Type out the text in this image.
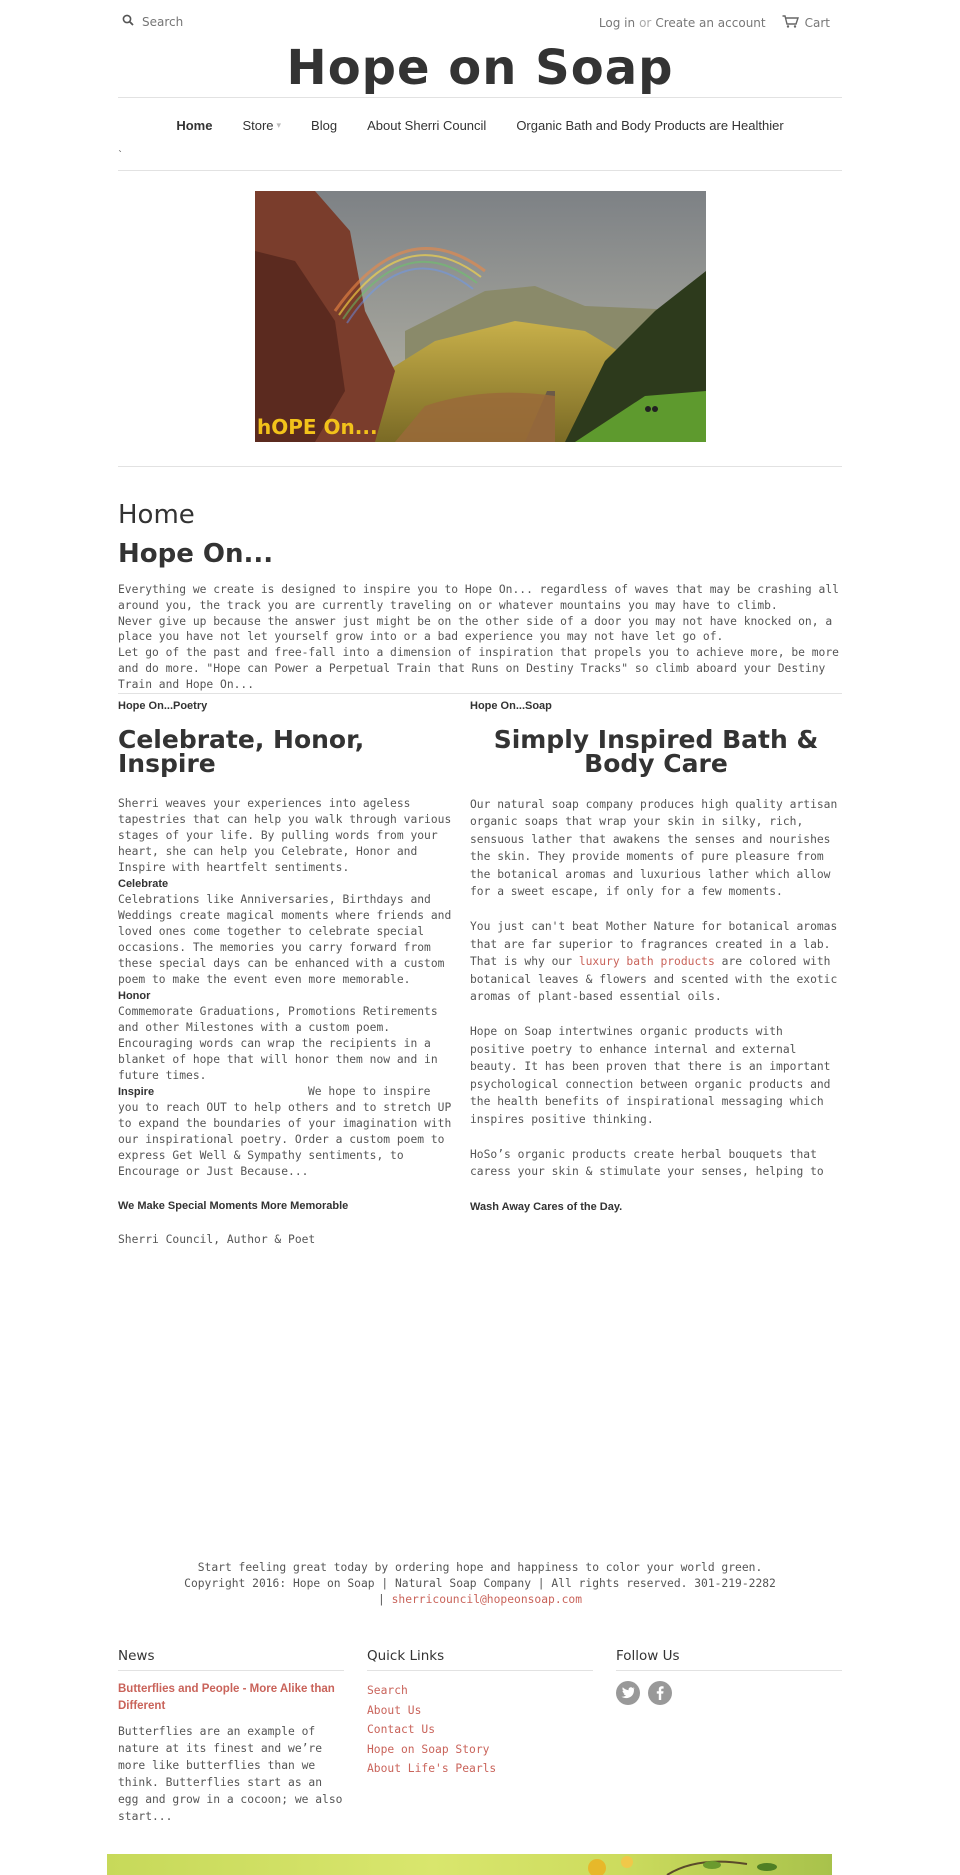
Search
Log in or Create an account	Cart
Hope on Soap
Home Store ▾ Blog About Sherri Council Organic Bath and Body Products are Healthier
`
hOPE On...
Home
Hope On...

Everything we create is designed to inspire you to Hope On... regardless of waves that may be crashing all around you, the track you are currently traveling on or whatever mountains you may have to climb.

Never give up because the answer just might be on the other side of a door you may not have knocked on, a place you have not let yourself grow into or a bad experience you may not have let go of.

Let go of the past and free-fall into a dimension of inspiration that propels you to achieve more, be more and do more. "Hope can Power a Perpetual Train that Runs on Destiny Tracks" so climb aboard your Destiny Train and Hope On...

Hope On...Poetry
Celebrate, Honor, Inspire

Sherri weaves your experiences into ageless tapestries that can help you walk through various stages of your life. By pulling words from your heart, she can help you Celebrate, Honor and Inspire with heartfelt sentiments.

Celebrate

Celebrations like Anniversaries, Birthdays and Weddings create magical moments where friends and loved ones come together to celebrate special occasions. The memories you carry forward from these special days can be enhanced with a custom poem to make the event even more memorable.

Honor

Commemorate Graduations, Promotions Retirements and other Milestones with a custom poem. Encouraging words can wrap the recipients in a blanket of hope that will honor them now and in future times.

Inspire	We hope to inspire you to reach OUT to help others and to stretch UP to expand the boundaries of your imagination with our inspirational poetry. Order a custom poem to express Get Well & Sympathy sentiments, to Encourage or Just Because...

We Make Special Moments More Memorable

Sherri Council, Author & Poet

Hope On...Soap
Simply Inspired Bath & Body Care

Our natural soap company produces high quality artisan organic soaps that wrap your skin in silky, rich, sensuous lather that awakens the senses and nourishes the skin. They provide moments of pure pleasure from the botanical aromas and luxurious lather which allow for a sweet escape, if only for a few moments.

You just can't beat Mother Nature for botanical aromas that are far superior to fragrances created in a lab. That is why our luxury bath products are colored with botanical leaves & flowers and scented with the exotic aromas of plant-based essential oils.

Hope on Soap intertwines organic products with positive poetry to enhance internal and external beauty. It has been proven that there is an important psychological connection between organic products and the health benefits of inspirational messaging which inspires positive thinking.

HoSo’s organic products create herbal bouquets that caress your skin & stimulate your senses, helping to

Wash Away Cares of the Day.
Start feeling great today by ordering hope and happiness to color your world green.
Copyright 2016: Hope on Soap | Natural Soap Company | All rights reserved. 301-219-2282
| sherricouncil@hopeonsoap.com
News
Butterflies and People - More Alike than Different
Butterflies are an example of nature at its finest and we’re more like butterflies than we think. Butterflies start as an egg and grow in a cocoon; we also start...
Quick Links
Search
About Us
Contact Us
Hope on Soap Story
About Life's Pearls
Follow Us
